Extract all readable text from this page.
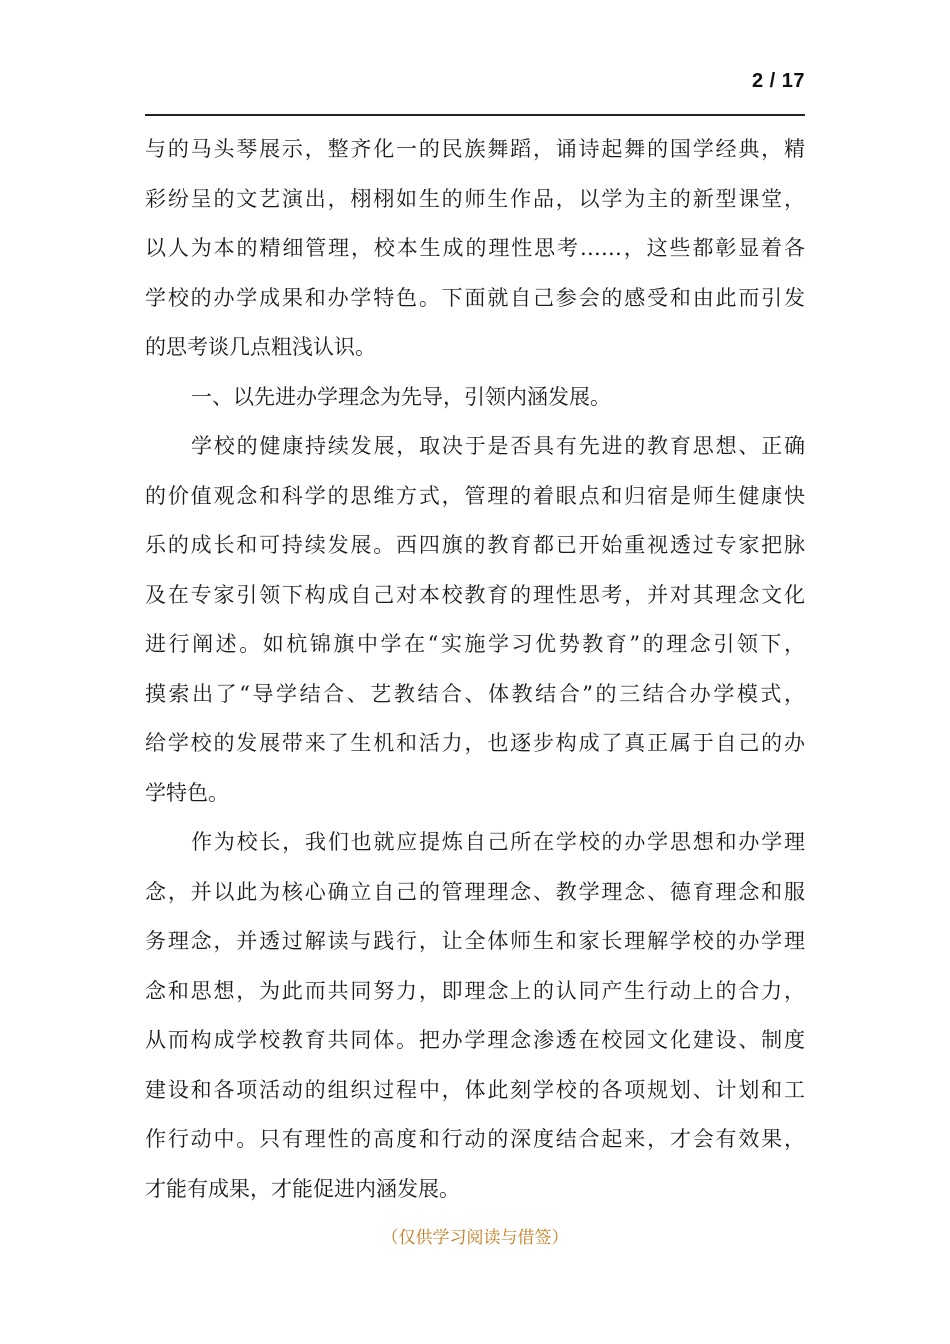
2 / 17
与的马头琴展示，整齐化一的民族舞蹈，诵诗起舞的国学经典，精
彩纷呈的文艺演出，栩栩如生的师生作品，以学为主的新型课堂，
以人为本的精细管理，校本生成的理性思考……，这些都彰显着各
学校的办学成果和办学特色。下面就自己参会的感受和由此而引发
的思考谈几点粗浅认识。
一、以先进办学理念为先导，引领内涵发展。
学校的健康持续发展，取决于是否具有先进的教育思想、正确
的价值观念和科学的思维方式，管理的着眼点和归宿是师生健康快
乐的成长和可持续发展。西四旗的教育都已开始重视透过专家把脉
及在专家引领下构成自己对本校教育的理性思考，并对其理念文化
进行阐述。如杭锦旗中学在“实施学习优势教育”的理念引领下，
摸索出了“导学结合、艺教结合、体教结合”的三结合办学模式，
给学校的发展带来了生机和活力，也逐步构成了真正属于自己的办
学特色。
作为校长，我们也就应提炼自己所在学校的办学思想和办学理
念，并以此为核心确立自己的管理理念、教学理念、德育理念和服
务理念，并透过解读与践行，让全体师生和家长理解学校的办学理
念和思想，为此而共同努力，即理念上的认同产生行动上的合力，
从而构成学校教育共同体。把办学理念渗透在校园文化建设、制度
建设和各项活动的组织过程中，体此刻学校的各项规划、计划和工
作行动中。只有理性的高度和行动的深度结合起来，才会有效果，
才能有成果，才能促进内涵发展。
（仅供学习阅读与借签）
